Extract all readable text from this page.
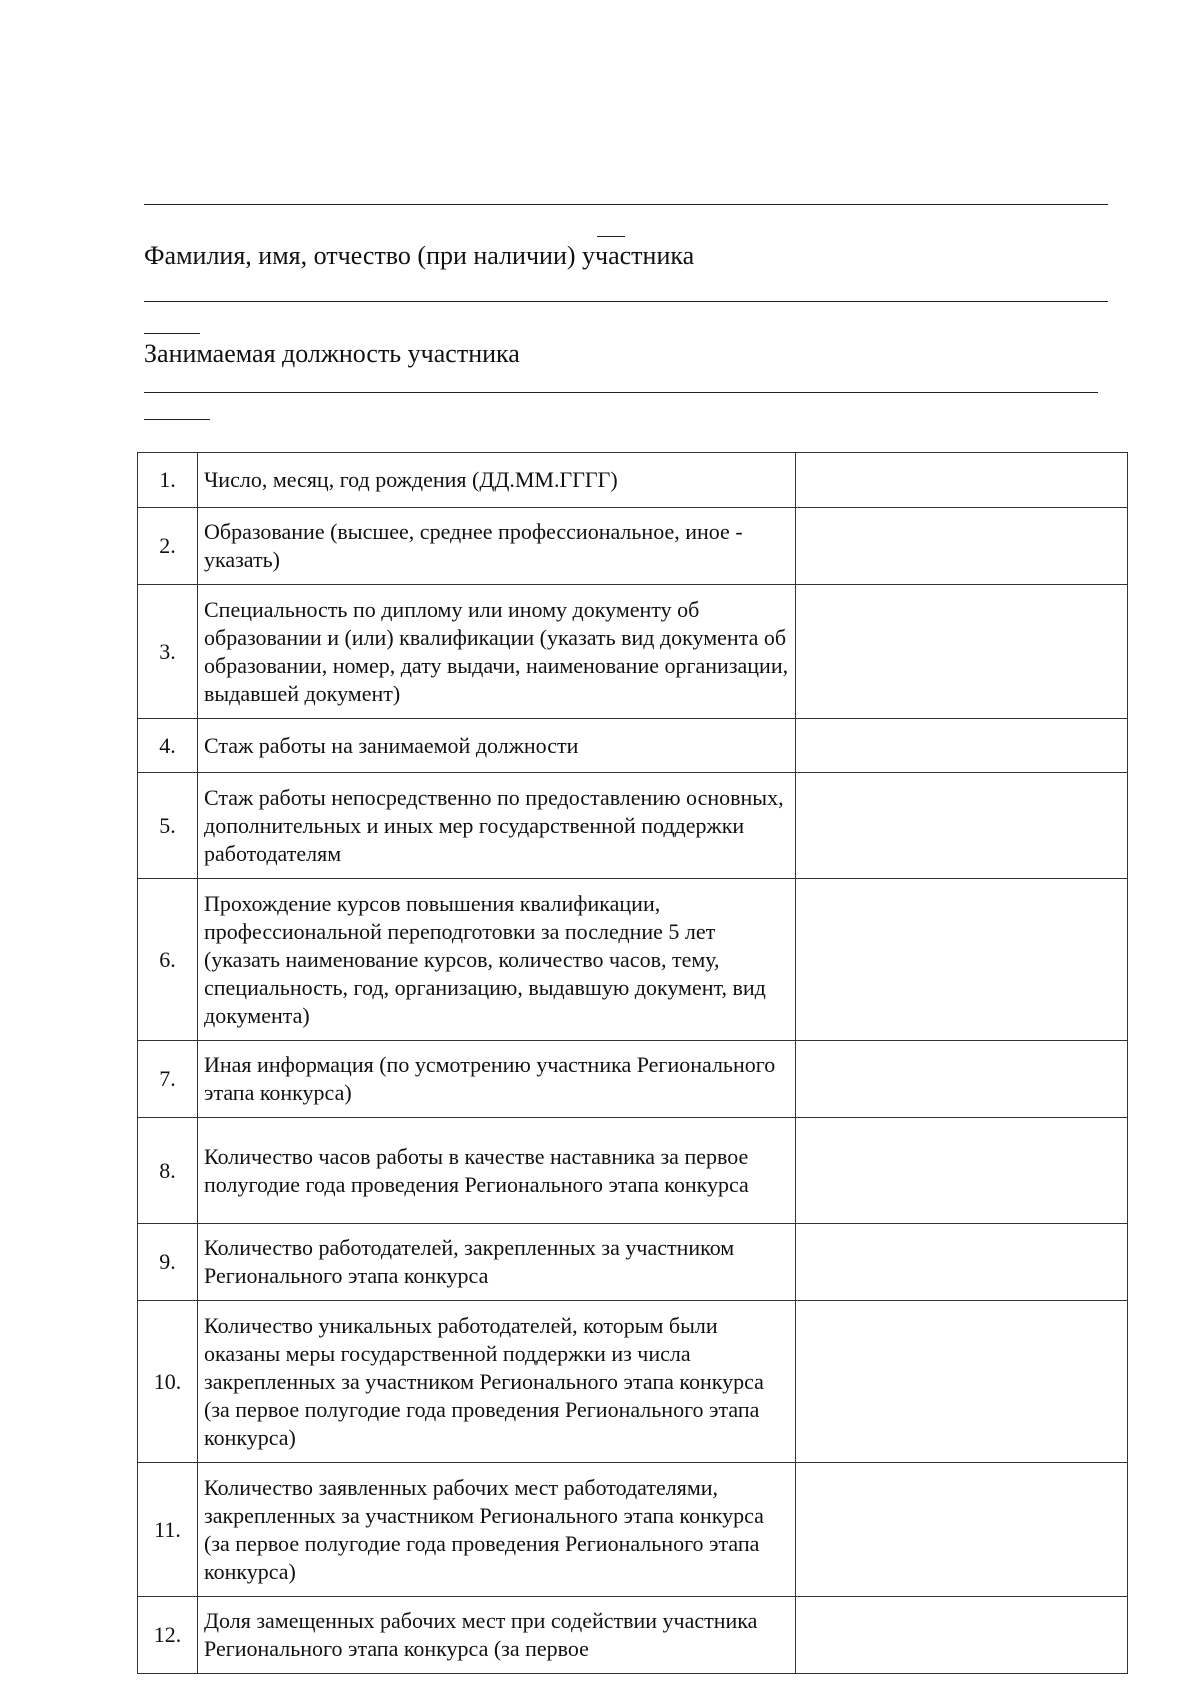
Фамилия, имя, отчество (при наличии) участника
Занимаемая должность участника
1.	Число, месяц, год рождения (ДД.ММ.ГГГГ)	
2.	Образование (высшее, среднее профессиональное, иное - указать)	
3.	Специальность по диплому или иному документу об образовании и (или) квалификации (указать вид документа об образовании, номер, дату выдачи, наименование организации, выдавшей документ)	
4.	Стаж работы на занимаемой должности	
5.	Стаж работы непосредственно по предоставлению основных, дополнительных и иных мер государственной поддержки работодателям	
6.	Прохождение курсов повышения квалификации, профессиональной переподготовки за последние 5 лет (указать наименование курсов, количество часов, тему, специальность, год, организацию, выдавшую документ, вид документа)	
7.	Иная информация (по усмотрению участника Регионального этапа конкурса)	
8.	Количество часов работы в качестве наставника за первое полугодие года проведения Регионального этапа конкурса	
9.	Количество работодателей, закрепленных за участником Регионального этапа конкурса	
10.	Количество уникальных работодателей, которым были оказаны меры государственной поддержки из числа закрепленных за участником Регионального этапа конкурса (за первое полугодие года проведения Регионального этапа конкурса)	
11.	Количество заявленных рабочих мест работодателями, закрепленных за участником Регионального этапа конкурса (за первое полугодие года проведения Регионального этапа конкурса)	
12.	Доля замещенных рабочих мест при содействии участника Регионального этапа конкурса (за первое	
